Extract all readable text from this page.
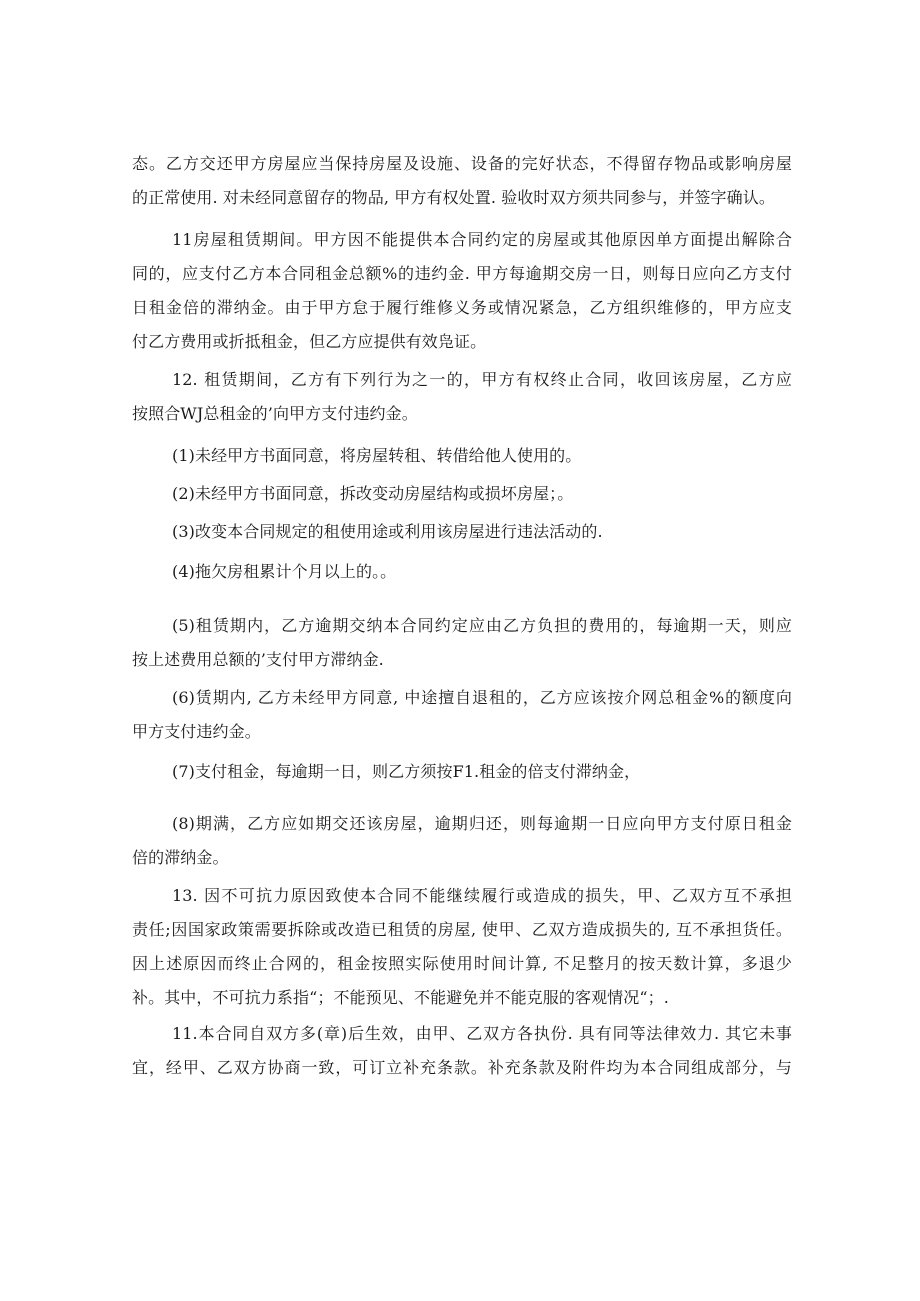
态。乙方交还甲方房屋应当保持房屋及设施、设备的完好状态，不得留存物品或影响房屋
的正常使用. 对未经同意留存的物品, 甲方有权处置. 验收时双方须共同参与，并签字确认。
11房屋租赁期间。甲方因不能提供本合同约定的房屋或其他原因单方面提出解除合
同的，应支付乙方本合同租金总额%的违约金. 甲方每逾期交房一日，则每日应向乙方支付
日租金倍的滞纳金。由于甲方怠于履行维修义务或情况紧急，乙方组织维修的，甲方应支
付乙方费用或折抵租金，但乙方应提供有效凫证。
12. 租赁期间，乙方有下列行为之一的，甲方有权终止合同，收回该房屋，乙方应
按照合WJ总租金的’向甲方支付违约金。
(1)未经甲方书面同意，将房屋转租、转借给他人使用的。
(2)未经甲方书面同意，拆改变动房屋结构或损坏房屋；。
(3)改变本合同规定的租使用途或利用该房屋进行违法活动的.
(4)拖欠房租累计个月以上的。。
(5)租赁期内，乙方逾期交纳本合同约定应由乙方负担的费用的，每逾期一天，则应
按上述费用总额的’支付甲方滞纳金.
(6)赁期内, 乙方未经甲方同意, 中途擅自退租的，乙方应该按介网总租金%的额度向
甲方支付违约金。
(7)支付租金，每逾期一日，则乙方须按F1.租金的倍支付滞纳金，
(8)期满，乙方应如期交还该房屋，逾期归还，则每逾期一日应向甲方支付原日租金
倍的滞纳金。
13. 因不可抗力原因致使本合同不能继续履行或造成的损失，甲、乙双方互不承担
责任;因国家政策需要拆除或改造已租赁的房屋, 使甲、乙双方造成损失的, 互不承担货任。
因上述原因而终止合网的，租金按照实际使用时间计算, 不足整月的按天数计算，多退少
补。其中，不可抗力系指“；不能预见、不能避免并不能克服的客观情况“；.
11.本合同自双方多(章)后生效，由甲、乙双方各执份. 具有同等法律效力. 其它未事
宜，经甲、乙双方协商一致，可订立补充条款。补充条款及附件均为本合同组成部分，与
